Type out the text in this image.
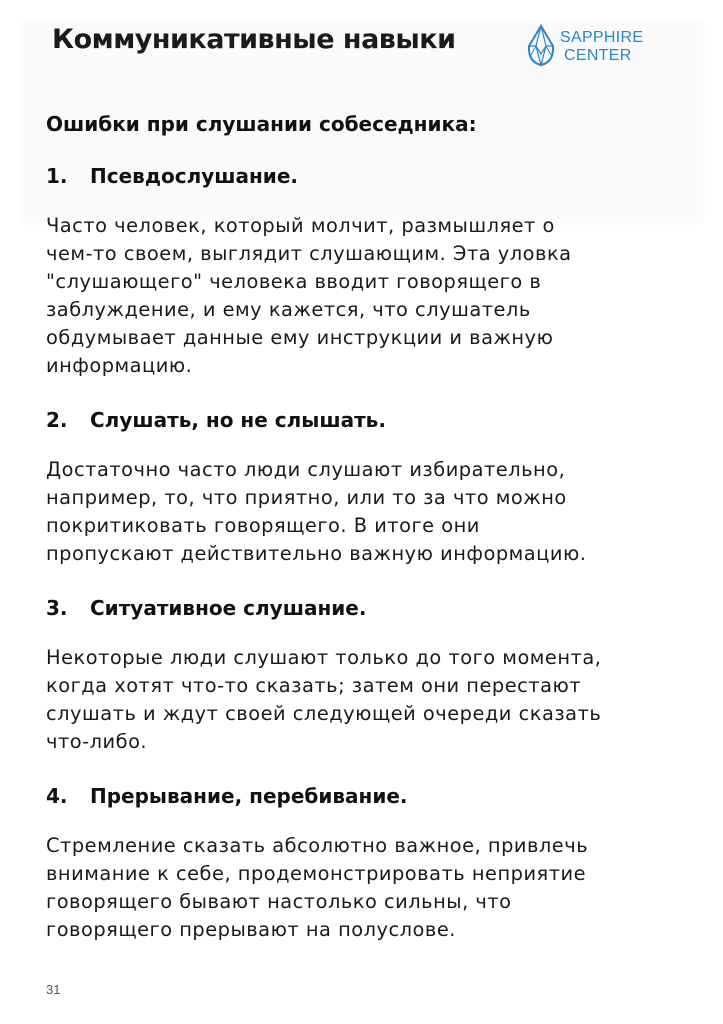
Коммуникативные навыки	SAPPHIRE
CENTER
Ошибки при слушании собеседника:
1. Псевдослушание.
Часто человек, который молчит, размышляет о
чем-то своем, выглядит слушающим. Эта уловка
"слушающего" человека вводит говорящего в
заблуждение, и ему кажется, что слушатель
обдумывает данные ему инструкции и важную
информацию.
2. Слушать, но не слышать.
Достаточно часто люди слушают избирательно,
например, то, что приятно, или то за что можно
покритиковать говорящего. В итоге они
пропускают действительно важную информацию.
3. Ситуативное слушание.
Некоторые люди слушают только до того момента,
когда хотят что-то сказать; затем они перестают
слушать и ждут своей следующей очереди сказать
что-либо.
4. Прерывание, перебивание.
Стремление сказать абсолютно важное, привлечь
внимание к себе, продемонстрировать неприятие
говорящего бывают настолько сильны, что
говорящего прерывают на полуслове.
31
